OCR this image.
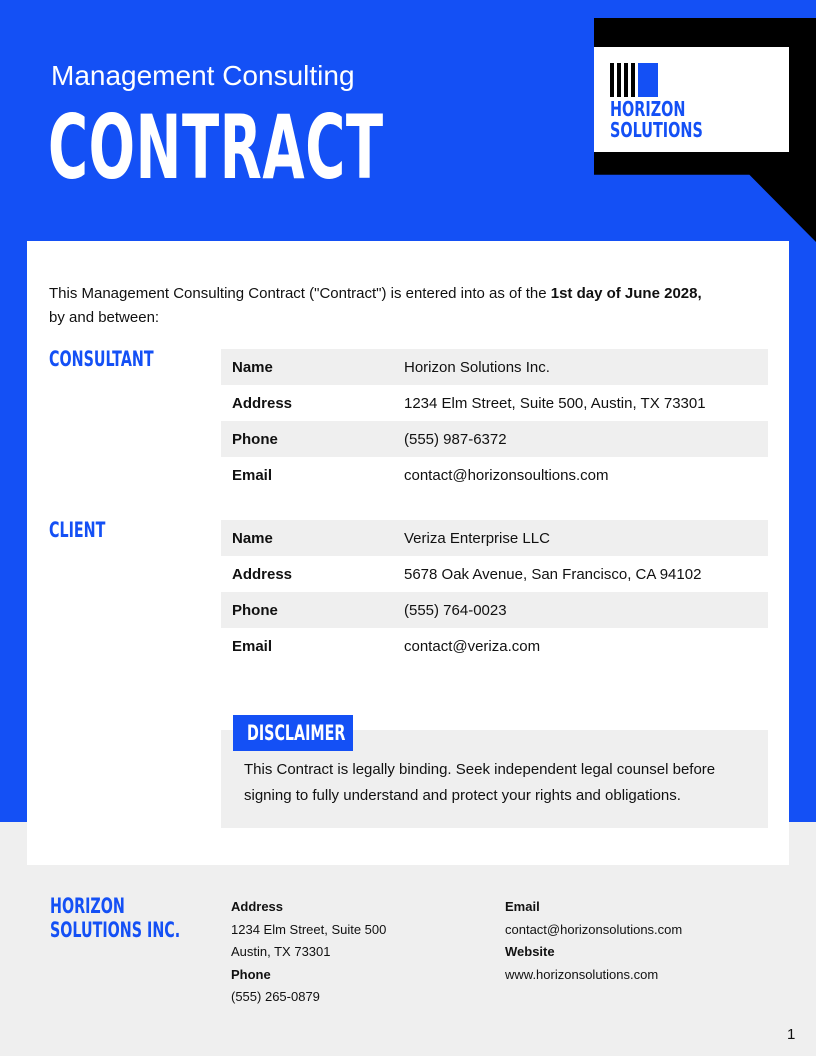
Management Consulting
CONTRACT	HORIZON
SOLUTIONS

This Management Consulting Contract ("Contract") is entered into as of the 1st day of June 2028,
by and between:

CONSULTANT	Name	Horizon Solutions Inc.
Address	1234 Elm Street, Suite 500, Austin, TX 73301
Phone	(555) 987-6372
Email	contact@horizonsoultions.com
CLIENT	Name	Veriza Enterprise LLC
Address	5678 Oak Avenue, San Francisco, CA 94102
Phone	(555) 764-0023
Email	contact@veriza.com

This Contract is legally binding. Seek independent legal counsel before signing to fully understand and protect your rights and obligations.

DISCLAIMER
HORIZON
SOLUTIONS INC.
Address
1234 Elm Street, Suite 500
Austin, TX 73301
Phone
(555) 265-0879
Email
contact@horizonsolutions.com
Website
www.horizonsolutions.com
1
